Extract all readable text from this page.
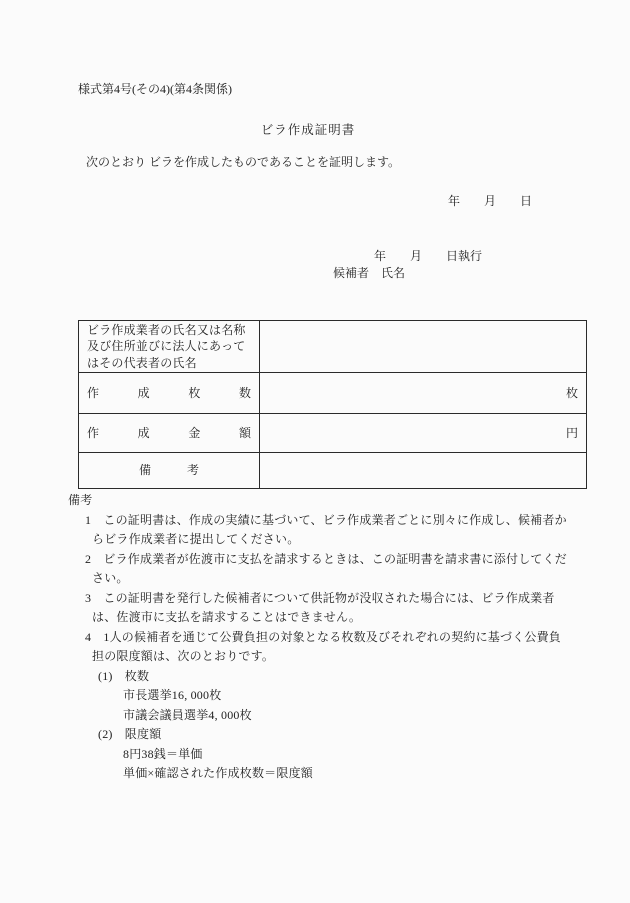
様式第4号(その4)(第4条関係)
ビラ作成証明書
次のとおり ビラを作成したものであることを証明します。
年　　月　　日
年　　月　　日執行
候補者　氏名
ビラ作成業者の氏名又は名称
及び住所並びに法人にあって
はその代表者の氏名	

作 成 枚 数	枚

作 成 金 額	円
備　考	
備考
1　この証明書は、作成の実績に基づいて、ビラ作成業者ごとに別々に作成し、候補者か
らビラ作成業者に提出してください。
2　ビラ作成業者が佐渡市に支払を請求するときは、この証明書を請求書に添付してくだ
さい。
3　この証明書を発行した候補者について供託物が没収された場合には、ビラ作成業者
は、佐渡市に支払を請求することはできません。
4　1人の候補者を通じて公費負担の対象となる枚数及びそれぞれの契約に基づく公費負
担の限度額は、次のとおりです。
(1)　枚数
市長選挙16, 000枚
市議会議員選挙4, 000枚
(2)　限度額
8円38銭＝単価
単価×確認された作成枚数＝限度額
